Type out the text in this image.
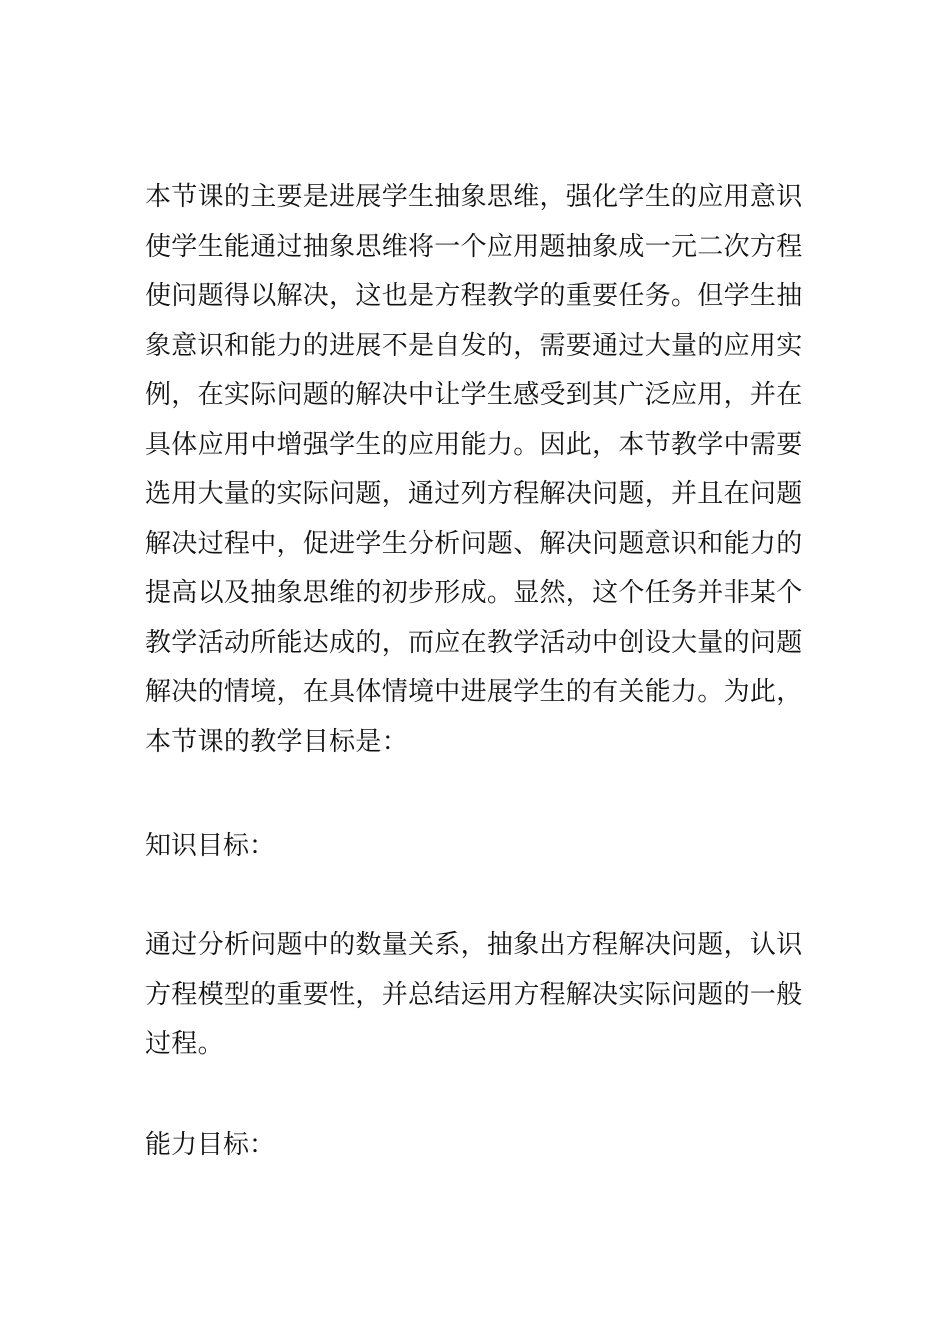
本节课的主要是进展学生抽象思维，强化学生的应用意识
使学生能通过抽象思维将一个应用题抽象成一元二次方程
使问题得以解决，这也是方程教学的重要任务。但学生抽
象意识和能力的进展不是自发的，需要通过大量的应用实
例，在实际问题的解决中让学生感受到其广泛应用，并在
具体应用中增强学生的应用能力。因此，本节教学中需要
选用大量的实际问题，通过列方程解决问题，并且在问题
解决过程中，促进学生分析问题、解决问题意识和能力的
提高以及抽象思维的初步形成。显然，这个任务并非某个
教学活动所能达成的，而应在教学活动中创设大量的问题
解决的情境，在具体情境中进展学生的有关能力。为此，
本节课的教学目标是：
知识目标：
通过分析问题中的数量关系，抽象出方程解决问题，认识
方程模型的重要性，并总结运用方程解决实际问题的一般
过程。
能力目标：
